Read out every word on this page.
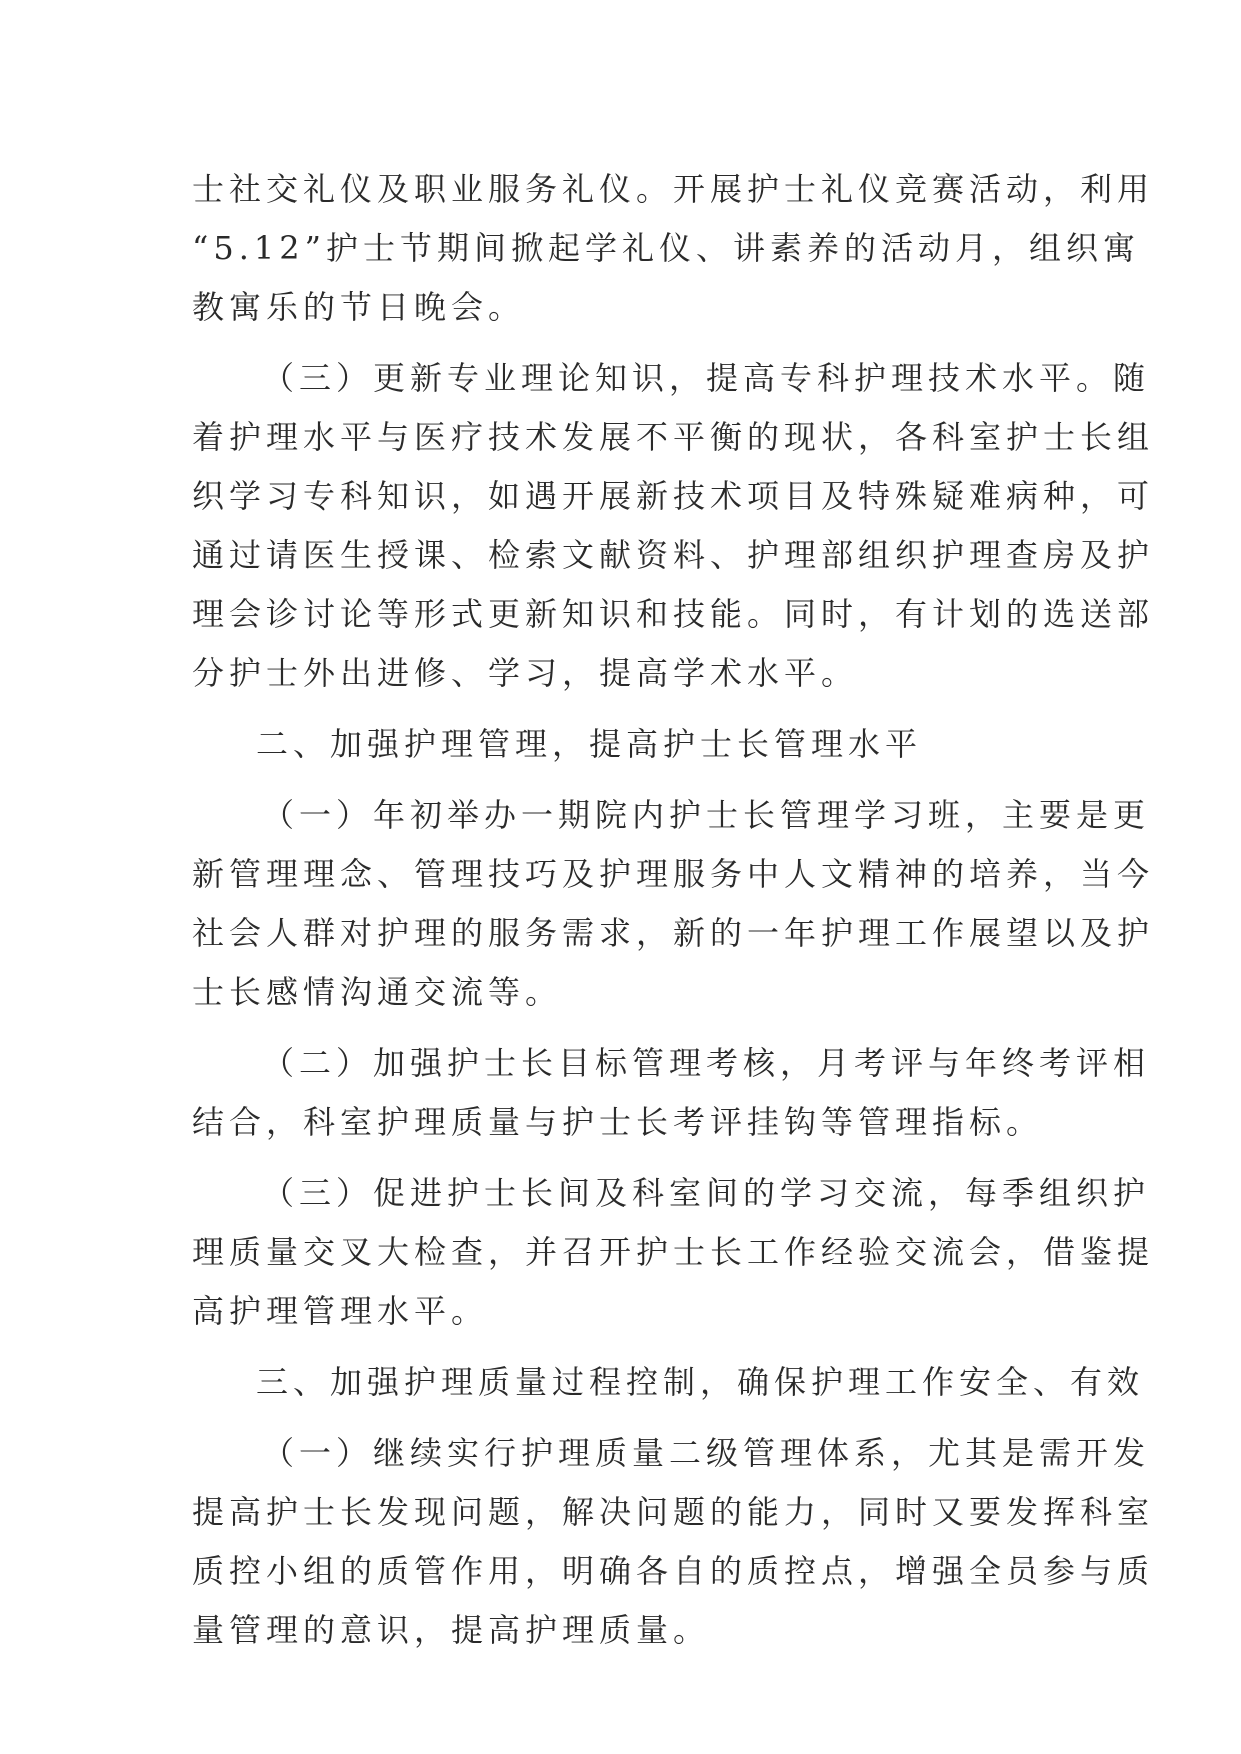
士社交礼仪及职业服务礼仪。开展护士礼仪竞赛活动，利用
“5.12”护士节期间掀起学礼仪、讲素养的活动月，组织寓
教寓乐的节日晚会。
（三）更新专业理论知识，提高专科护理技术水平。随
着护理水平与医疗技术发展不平衡的现状，各科室护士长组
织学习专科知识，如遇开展新技术项目及特殊疑难病种，可
通过请医生授课、检索文献资料、护理部组织护理查房及护
理会诊讨论等形式更新知识和技能。同时，有计划的选送部
分护士外出进修、学习，提高学术水平。
二、加强护理管理，提高护士长管理水平
（一）年初举办一期院内护士长管理学习班，主要是更
新管理理念、管理技巧及护理服务中人文精神的培养，当今
社会人群对护理的服务需求，新的一年护理工作展望以及护
士长感情沟通交流等。
（二）加强护士长目标管理考核，月考评与年终考评相
结合，科室护理质量与护士长考评挂钩等管理指标。
（三）促进护士长间及科室间的学习交流，每季组织护
理质量交叉大检查，并召开护士长工作经验交流会，借鉴提
高护理管理水平。
三、加强护理质量过程控制，确保护理工作安全、有效
（一）继续实行护理质量二级管理体系，尤其是需开发
提高护士长发现问题，解决问题的能力，同时又要发挥科室
质控小组的质管作用，明确各自的质控点，增强全员参与质
量管理的意识，提高护理质量。
